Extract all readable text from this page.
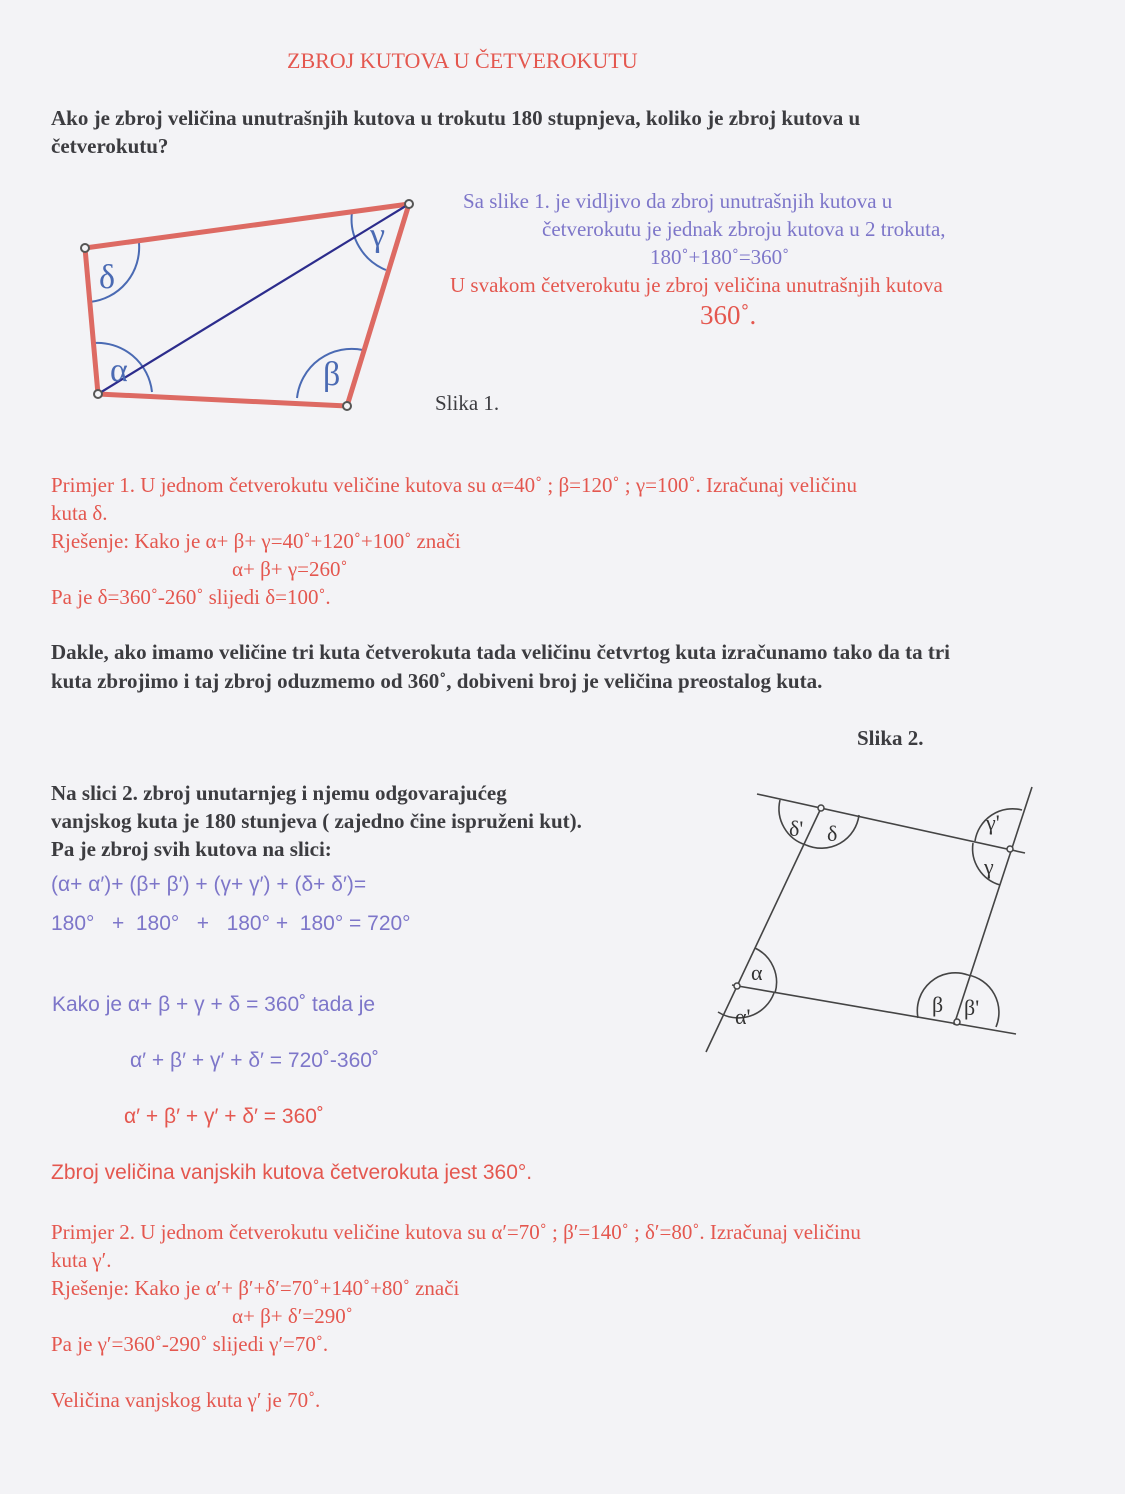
ZBROJ KUTOVA U ČETVEROKUTU

Ako je zbroj veličina unutrašnjih kutova u trokutu 180 stupnjeva, koliko je zbroj kutova u

četverokutu?

δ
γ
α	β
δ' δ	γ'
γ
α
α'	β β'

Slika 1.

Sa slike 1. je vidljivo da zbroj unutrašnjih kutova u

četverokutu je jednak zbroju kutova u 2 trokuta,

180˚+180˚=360˚

U svakom četverokutu je zbroj veličina unutrašnjih kutova

360˚.

Primjer 1. U jednom četverokutu veličine kutova su α=40˚ ; β=120˚ ; γ=100˚. Izračunaj veličinu

kuta δ.

Rješenje: Kako je α+ β+ γ=40˚+120˚+100˚ znači

α+ β+ γ=260˚

Pa je δ=360˚-260˚ slijedi δ=100˚.

Dakle, ako imamo veličine tri kuta četverokuta tada veličinu četvrtog kuta izračunamo tako da ta tri

kuta zbrojimo i taj zbroj oduzmemo od 360˚, dobiveni broj je veličina preostalog kuta.

Slika 2.

Na slici 2. zbroj unutarnjeg i njemu odgovarajućeg

vanjskog kuta je 180 stunjeva ( zajedno čine ispruženi kut).

Pa je zbroj svih kutova na slici:

(α+ α′)+ (β+ β′) + (γ+ γ′) + (δ+ δ′)=

180°   +  180°   +   180° +  180° = 720°

Kako je α+ β + γ + δ = 360˚ tada je

α′ + β′ + γ′ + δ′ = 720˚-360˚

α′ + β′ + γ′ + δ′ = 360˚

Zbroj veličina vanjskih kutova četverokuta jest 360°.

Primjer 2. U jednom četverokutu veličine kutova su α′=70˚ ; β′=140˚ ; δ′=80˚. Izračunaj veličinu

kuta γ′.

Rješenje: Kako je α′+ β′+δ′=70˚+140˚+80˚ znači

α+ β+ δ′=290˚

Pa je γ′=360˚-290˚ slijedi γ′=70˚.

Veličina vanjskog kuta γ′ je 70˚.
